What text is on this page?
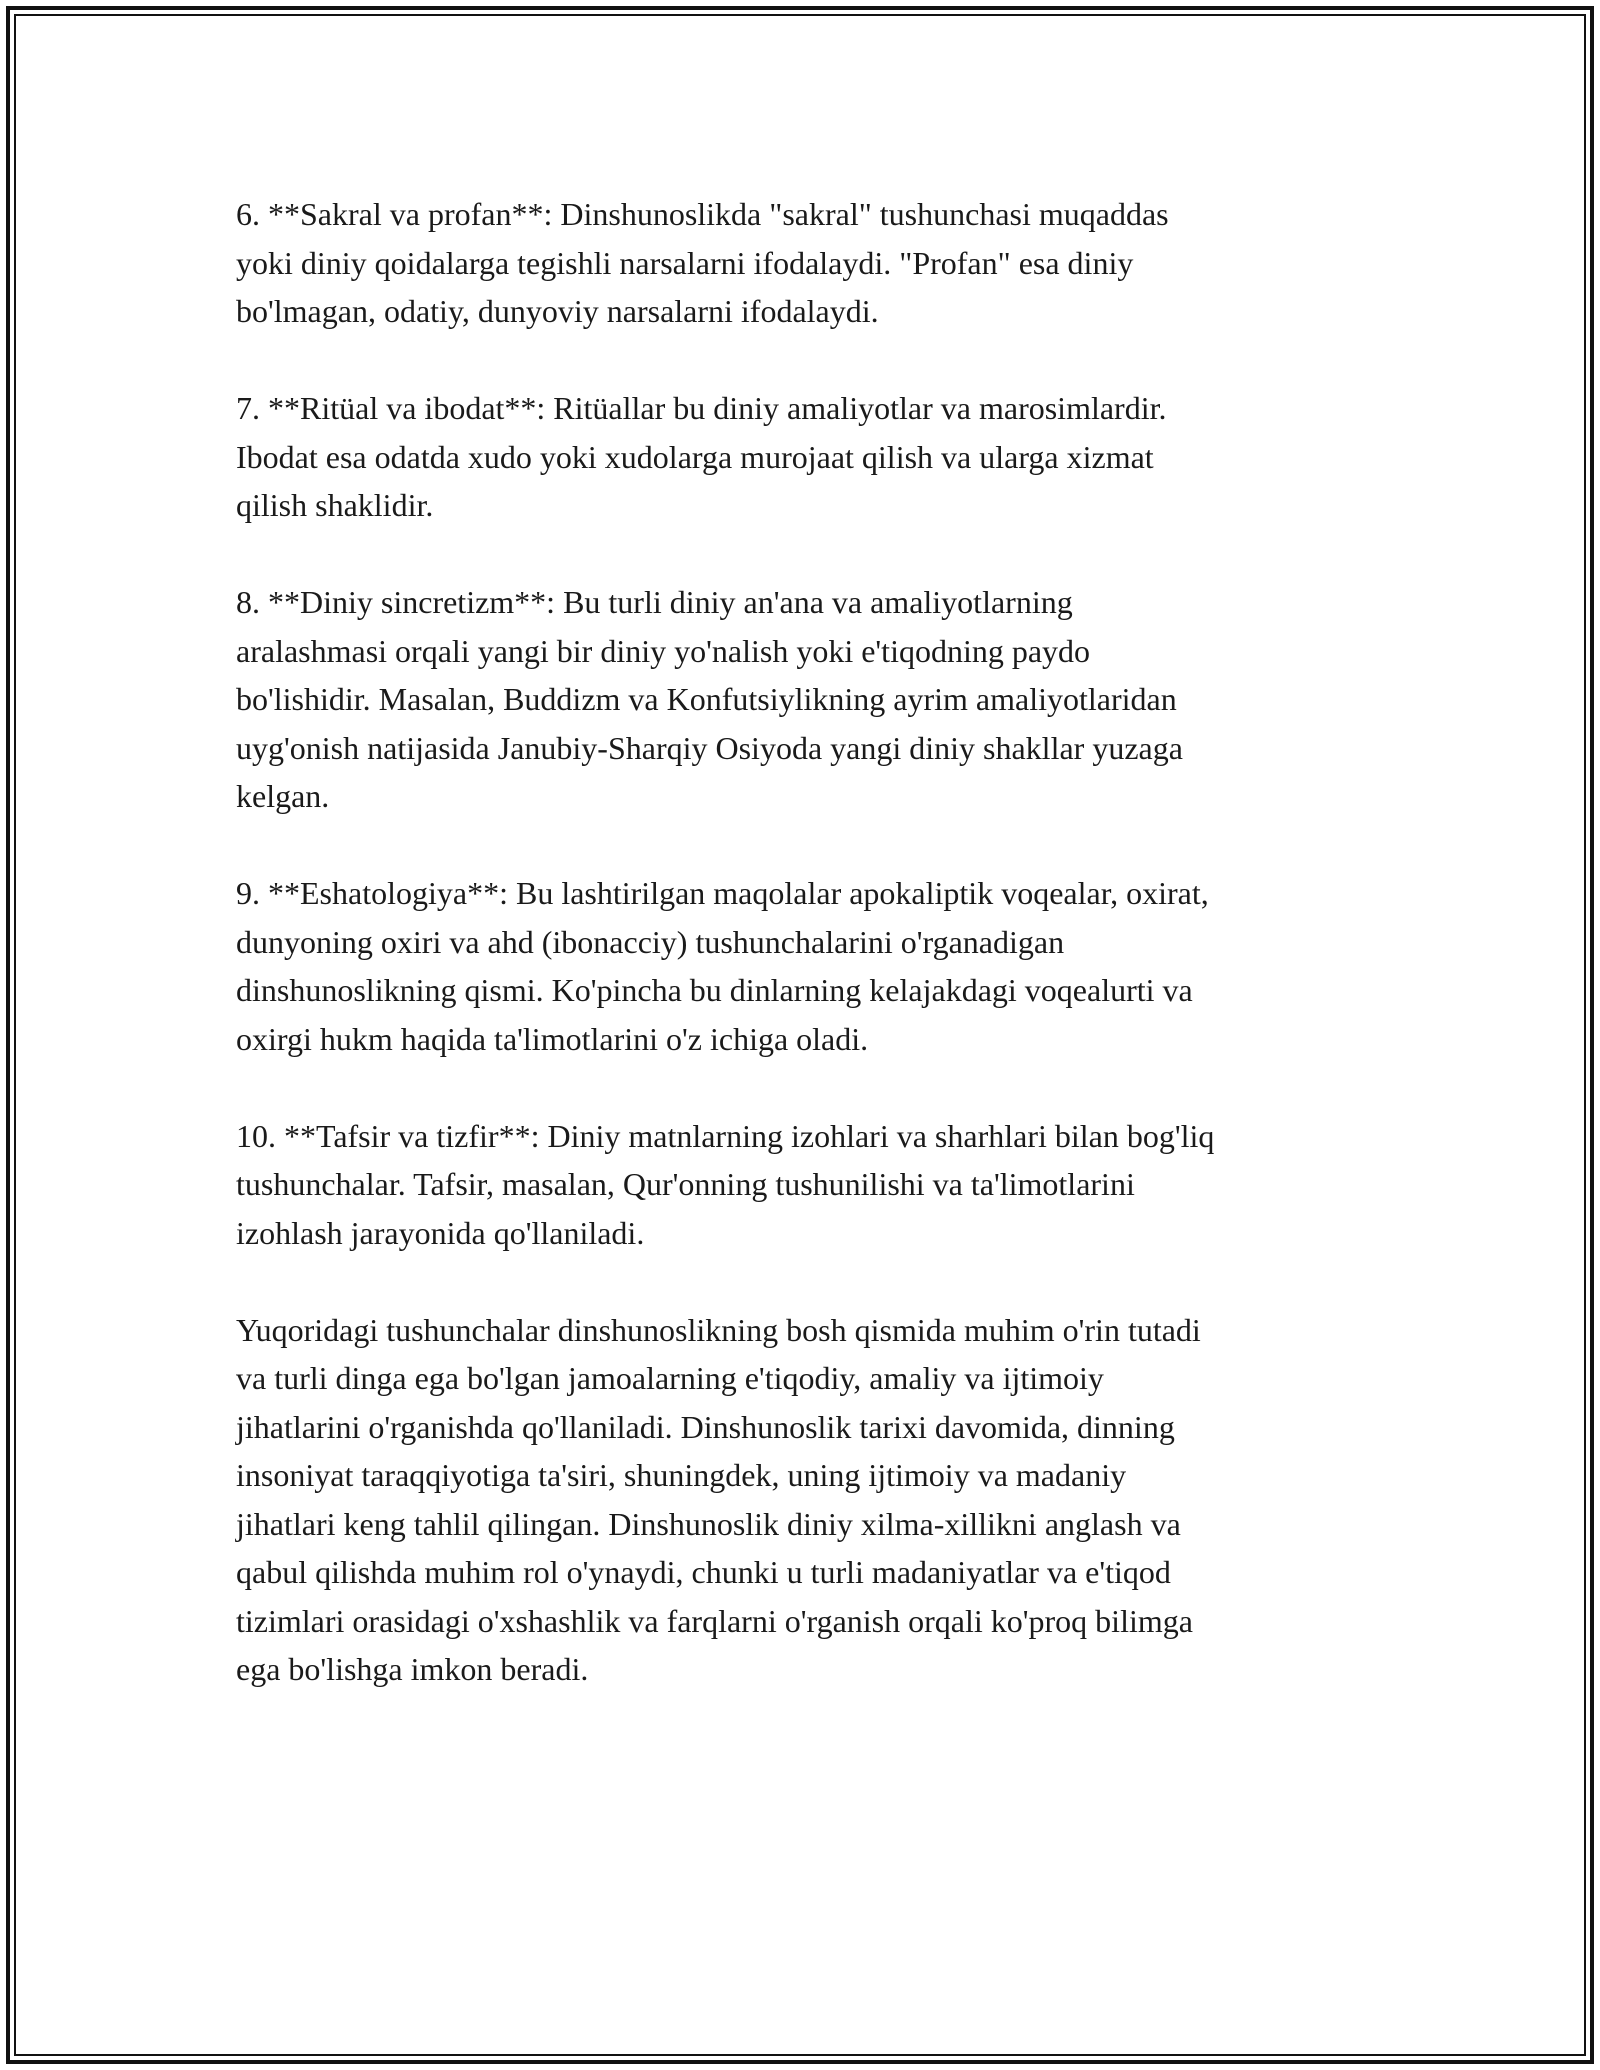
6. **Sakral va profan**: Dinshunoslikda "sakral" tushunchasi muqaddas
yoki diniy qoidalarga tegishli narsalarni ifodalaydi. "Profan" esa diniy
bo'lmagan, odatiy, dunyoviy narsalarni ifodalaydi.

7. **Ritüal va ibodat**: Ritüallar bu diniy amaliyotlar va marosimlardir.
Ibodat esa odatda xudo yoki xudolarga murojaat qilish va ularga xizmat
qilish shaklidir.

8. **Diniy sincretizm**: Bu turli diniy an'ana va amaliyotlarning
aralashmasi orqali yangi bir diniy yo'nalish yoki e'tiqodning paydo
bo'lishidir. Masalan, Buddizm va Konfutsiylikning ayrim amaliyotlaridan
uyg'onish natijasida Janubiy-Sharqiy Osiyoda yangi diniy shakllar yuzaga
kelgan.

9. **Eshatologiya**: Bu lashtirilgan maqolalar apokaliptik voqealar, oxirat,
dunyoning oxiri va ahd (ibonacciy) tushunchalarini o'rganadigan
dinshunoslikning qismi. Ko'pincha bu dinlarning kelajakdagi voqealurti va
oxirgi hukm haqida ta'limotlarini o'z ichiga oladi.

10. **Tafsir va tizfir**: Diniy matnlarning izohlari va sharhlari bilan bog'liq
tushunchalar. Tafsir, masalan, Qur'onning tushunilishi va ta'limotlarini
izohlash jarayonida qo'llaniladi.

Yuqoridagi tushunchalar dinshunoslikning bosh qismida muhim o'rin tutadi
va turli dinga ega bo'lgan jamoalarning e'tiqodiy, amaliy va ijtimoiy
jihatlarini o'rganishda qo'llaniladi. Dinshunoslik tarixi davomida, dinning
insoniyat taraqqiyotiga ta'siri, shuningdek, uning ijtimoiy va madaniy
jihatlari keng tahlil qilingan. Dinshunoslik diniy xilma-xillikni anglash va
qabul qilishda muhim rol o'ynaydi, chunki u turli madaniyatlar va e'tiqod
tizimlari orasidagi o'xshashlik va farqlarni o'rganish orqali ko'proq bilimga
ega bo'lishga imkon beradi.
